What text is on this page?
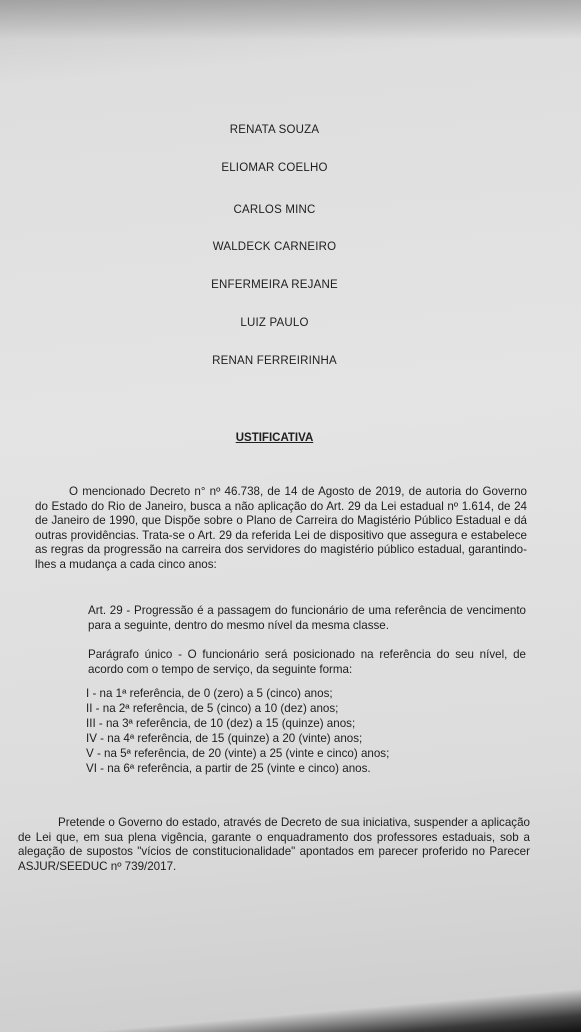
RENATA SOUZA
ELIOMAR COELHO
CARLOS MINC
WALDECK CARNEIRO
ENFERMEIRA REJANE
LUIZ PAULO
RENAN FERREIRINHA
USTIFICATIVA
O mencionado Decreto n° nº 46.738, de 14 de Agosto de 2019, de autoria do Governo do Estado do Rio de Janeiro, busca a não aplicação do Art. 29 da Lei estadual nº 1.614, de 24 de Janeiro de 1990, que Dispõe sobre o Plano de Carreira do Magistério Público Estadual e dá outras providências. Trata-se o Art. 29 da referida Lei de dispositivo que assegura e estabelece as regras da progressão na carreira dos servidores do magistério público estadual, garantindo-lhes a mudança a cada cinco anos:
Art. 29 - Progressão é a passagem do funcionário de uma referência de vencimento para a seguinte, dentro do mesmo nível da mesma classe.
Parágrafo único - O funcionário será posicionado na referência do seu nível, de acordo com o tempo de serviço, da seguinte forma:
I - na 1ª referência, de 0 (zero) a 5 (cinco) anos;
II - na 2ª referência, de 5 (cinco) a 10 (dez) anos;
III - na 3ª referência, de 10 (dez) a 15 (quinze) anos;
IV - na 4ª referência, de 15 (quinze) a 20 (vinte) anos;
V - na 5ª referência, de 20 (vinte) a 25 (vinte e cinco) anos;
VI - na 6ª referência, a partir de 25 (vinte e cinco) anos.
Pretende o Governo do estado, através de Decreto de sua iniciativa, suspender a aplicação de Lei que, em sua plena vigência, garante o enquadramento dos professores estaduais, sob a alegação de supostos "vícios de constitucionalidade" apontados em parecer proferido no Parecer ASJUR/SEEDUC nº 739/2017.
